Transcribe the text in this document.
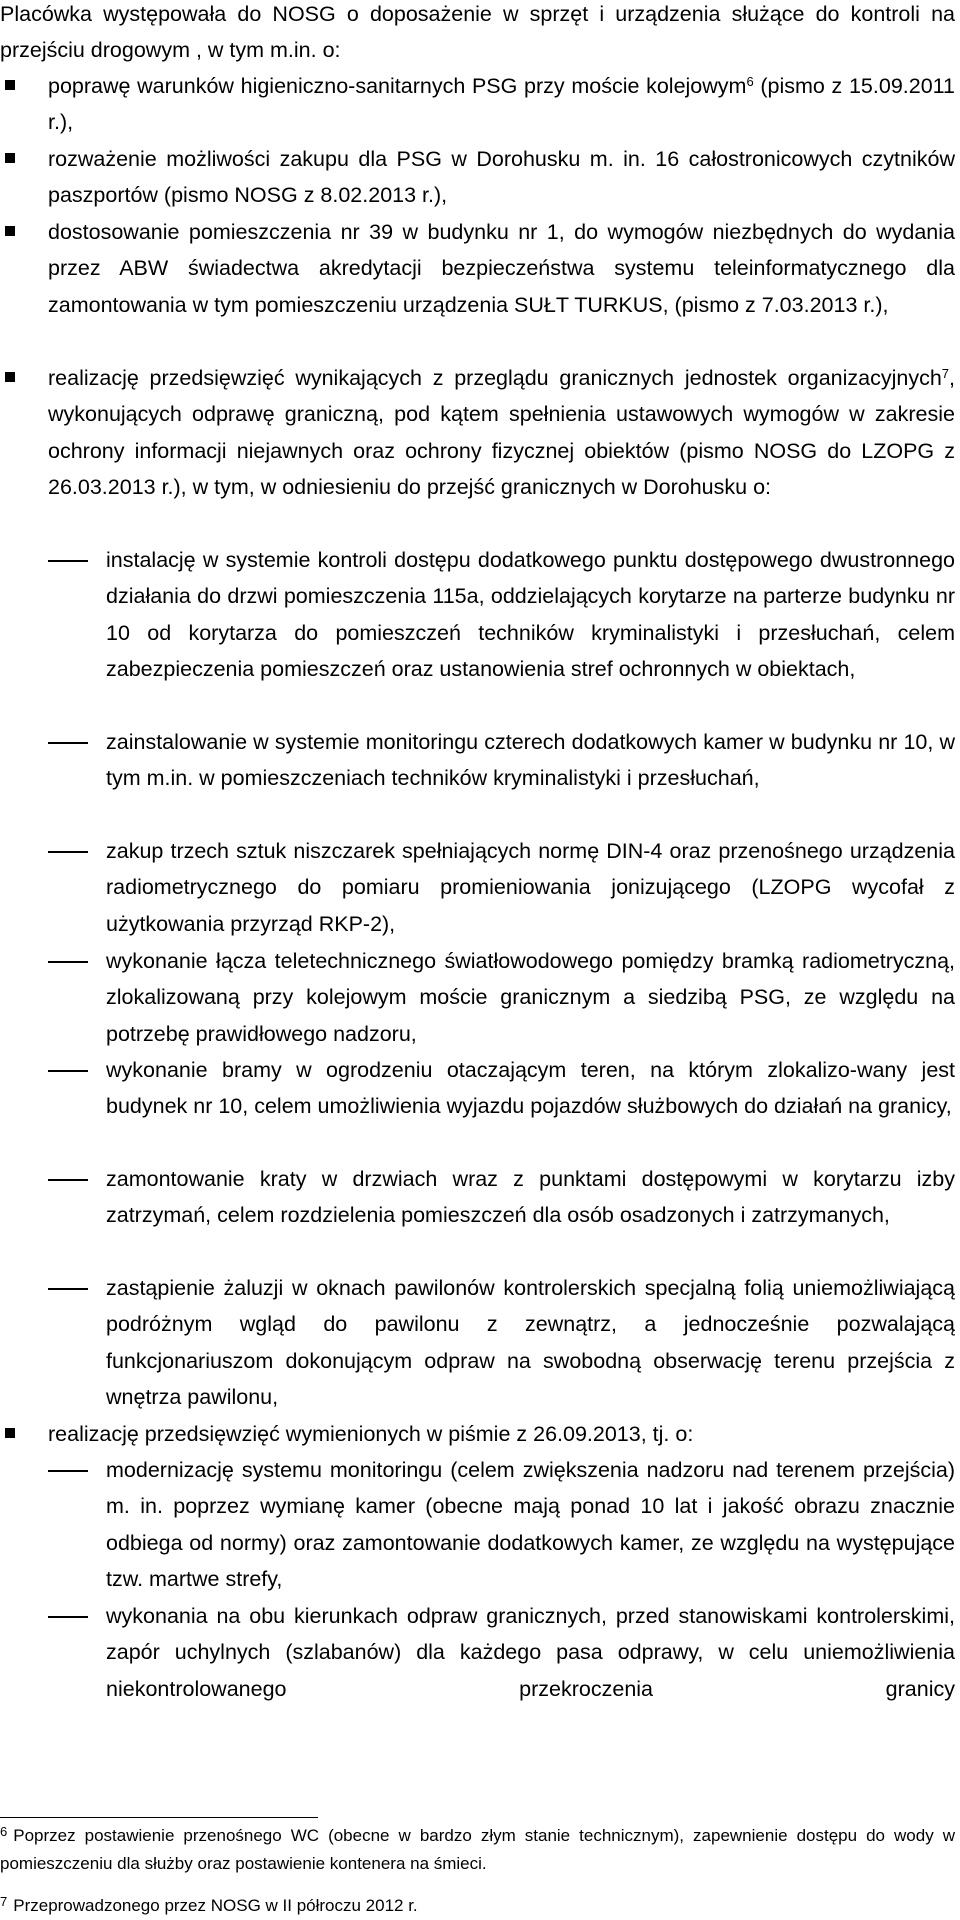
Placówka występowała do NOSG o doposażenie w sprzęt i urządzenia służące do kontroli na przejściu drogowym , w tym m.in. o:
poprawę warunków higieniczno-sanitarnych PSG przy moście kolejowym$^6$ (pismo z 15.09.2011 r.),
rozważenie możliwości zakupu dla PSG w Dorohusku m. in. 16 całostronicowych czytników paszportów (pismo NOSG z 8.02.2013 r.),
dostosowanie pomieszczenia nr 39 w budynku nr 1, do wymogów niezbędnych do wydania przez ABW świadectwa akredytacji bezpieczeństwa systemu teleinformatycznego dla zamontowania w tym pomieszczeniu urządzenia SUŁT TURKUS, (pismo z 7.03.2013 r.),
realizację przedsięwzięć wynikających z przeglądu granicznych jednostek organizacyjnych$^7$, wykonujących odprawę graniczną, pod kątem spełnienia ustawowych wymogów w zakresie ochrony informacji niejawnych oraz ochrony fizycznej obiektów (pismo NOSG do LZOPG z 26.03.2013 r.), w tym, w odniesieniu do przejść granicznych w Dorohusku o:
instalację w systemie kontroli dostępu dodatkowego punktu dostępowego dwustronnego działania do drzwi pomieszczenia 115a, oddzielających korytarze na parterze budynku nr 10 od korytarza do pomieszczeń techników kryminalistyki i przesłuchań, celem zabezpieczenia pomieszczeń oraz ustanowienia stref ochronnych w obiektach,
zainstalowanie w systemie monitoringu czterech dodatkowych kamer w budynku nr 10, w tym m.in. w pomieszczeniach techników kryminalistyki i przesłuchań,
zakup trzech sztuk niszczarek spełniających normę DIN-4 oraz przenośnego urządzenia radiometrycznego do pomiaru promieniowania jonizującego (LZOPG wycofał z użytkowania przyrząd RKP-2),
wykonanie łącza teletechnicznego światłowodowego pomiędzy bramką radiometryczną, zlokalizowaną przy kolejowym moście granicznym a siedzibą PSG, ze względu na potrzebę prawidłowego nadzoru,
wykonanie bramy w ogrodzeniu otaczającym teren, na którym zlokalizo-wany jest budynek nr 10, celem umożliwienia wyjazdu pojazdów służbowych do działań na granicy,
zamontowanie kraty w drzwiach wraz z punktami dostępowymi w korytarzu izby zatrzymań, celem rozdzielenia pomieszczeń dla osób osadzonych i zatrzymanych,
zastąpienie żaluzji w oknach pawilonów kontrolerskich specjalną folią uniemożliwiającą podróżnym wgląd do pawilonu z zewnątrz, a jednocześnie pozwalającą funkcjonariuszom dokonującym odpraw na swobodną obserwację terenu przejścia z wnętrza pawilonu,
realizację przedsięwzięć wymienionych w piśmie z 26.09.2013, tj. o:
modernizację systemu monitoringu (celem zwiększenia nadzoru nad terenem przejścia) m. in. poprzez wymianę kamer (obecne mają ponad 10 lat i jakość obrazu znacznie odbiega od normy) oraz zamontowanie dodatkowych kamer, ze względu na występujące tzw. martwe strefy,
wykonania na obu kierunkach odpraw granicznych, przed stanowiskami kontrolerskimi, zapór uchylnych (szlabanów) dla każdego pasa odprawy, w celu uniemożliwienia niekontrolowanego przekroczenia granicy
$^6$ Poprzez postawienie przenośnego WC (obecne w bardzo złym stanie technicznym), zapewnienie dostępu do wody w pomieszczeniu dla służby oraz postawienie kontenera na śmieci.
$^7$ Przeprowadzonego przez NOSG w II półroczu 2012 r.
